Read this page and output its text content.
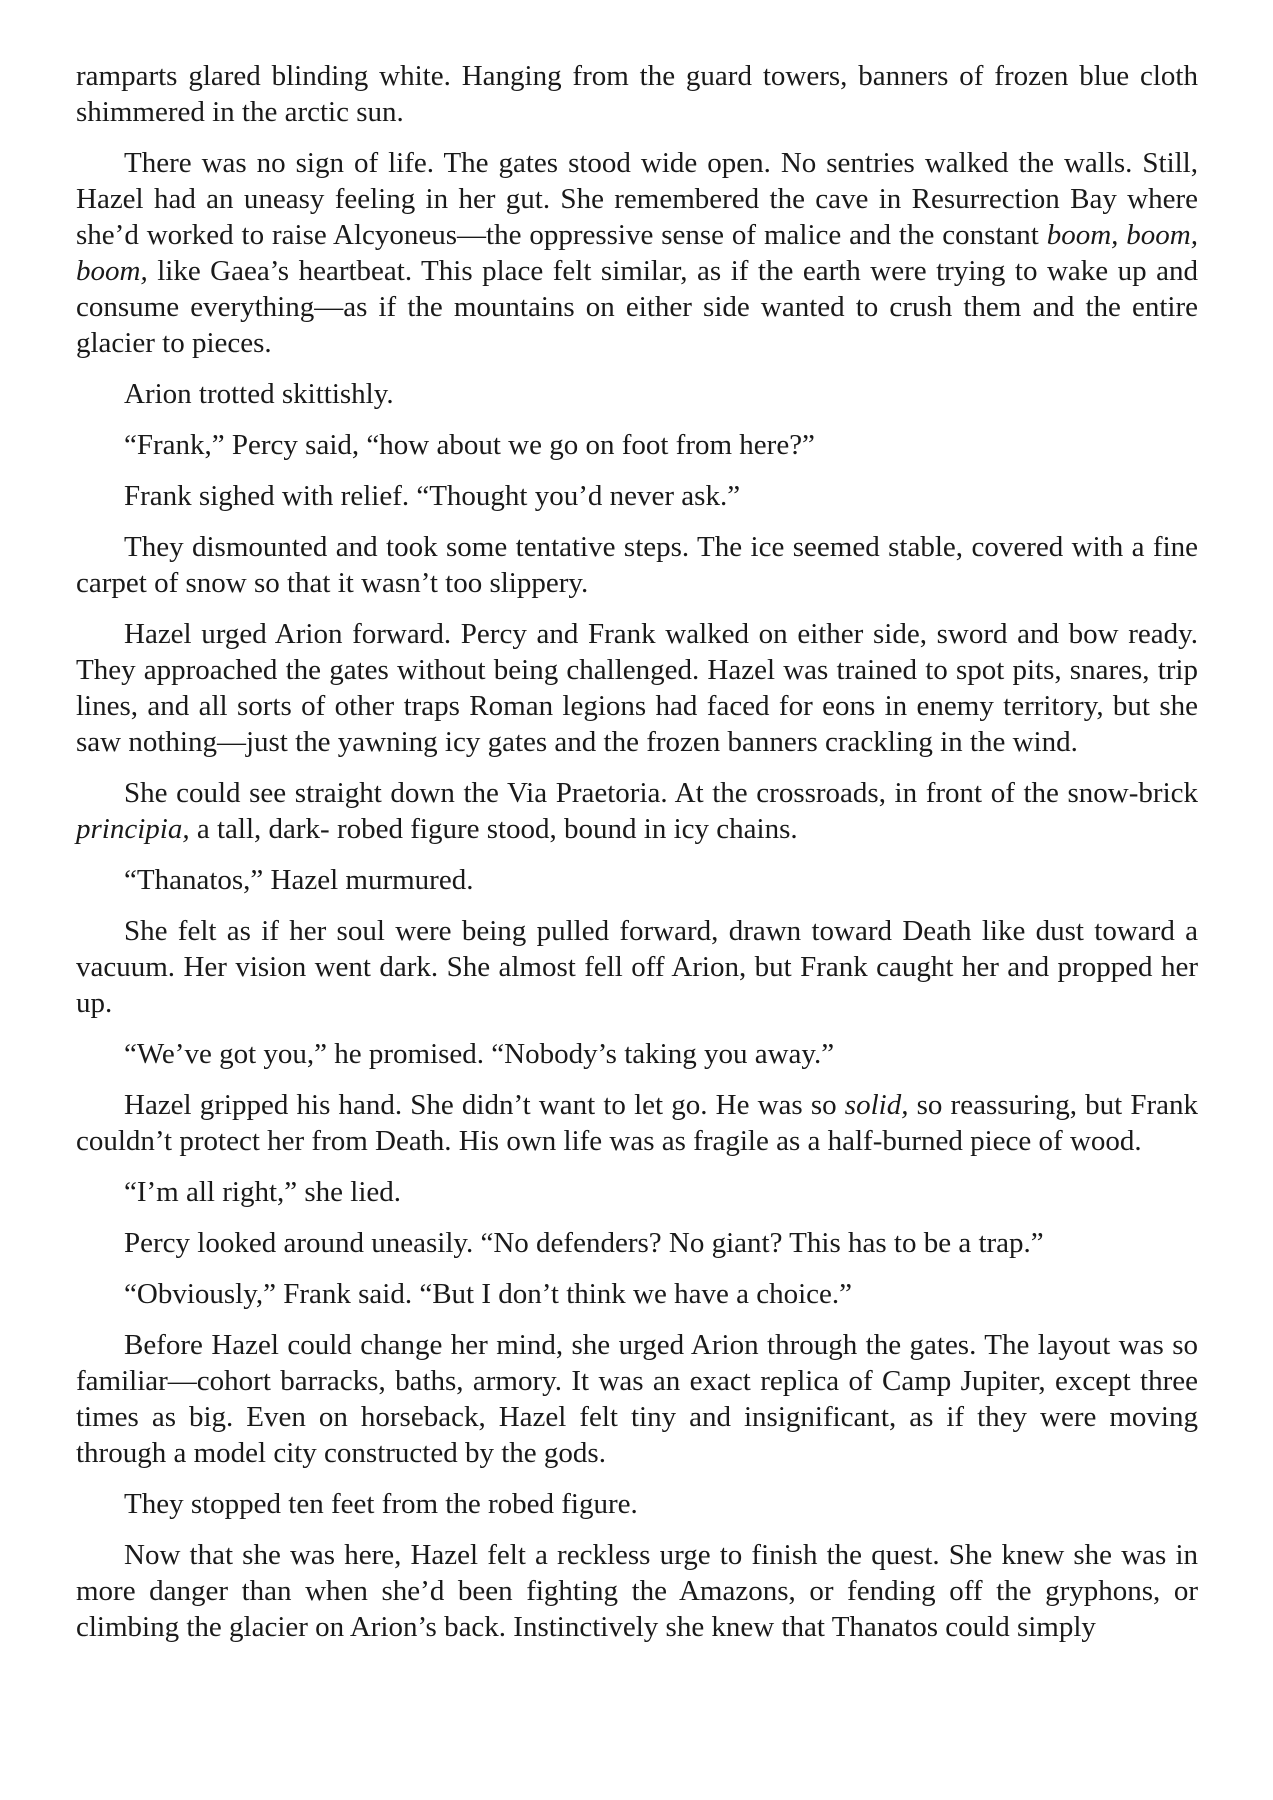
ramparts glared blinding white. Hanging from the guard towers, banners of frozen blue cloth shimmered in the arctic sun.

There was no sign of life. The gates stood wide open. No sentries walked the walls. Still, Hazel had an uneasy feeling in her gut. She remembered the cave in Resurrection Bay where she’d worked to raise Alcyoneus—the oppressive sense of malice and the constant boom, boom, boom, like Gaea’s heartbeat. This place felt similar, as if the earth were trying to wake up and consume everything—as if the mountains on either side wanted to crush them and the entire glacier to pieces.

Arion trotted skittishly.

“Frank,” Percy said, “how about we go on foot from here?”

Frank sighed with relief. “Thought you’d never ask.”

They dismounted and took some tentative steps. The ice seemed stable, covered with a fine carpet of snow so that it wasn’t too slippery.

Hazel urged Arion forward. Percy and Frank walked on either side, sword and bow ready. They approached the gates without being challenged. Hazel was trained to spot pits, snares, trip lines, and all sorts of other traps Roman legions had faced for eons in enemy territory, but she saw nothing—just the yawning icy gates and the frozen banners crackling in the wind.

She could see straight down the Via Praetoria. At the crossroads, in front of the snow-brick principia, a tall, dark- robed figure stood, bound in icy chains.

“Thanatos,” Hazel murmured.

She felt as if her soul were being pulled forward, drawn toward Death like dust toward a vacuum. Her vision went dark. She almost fell off Arion, but Frank caught her and propped her up.

“We’ve got you,” he promised. “Nobody’s taking you away.”

Hazel gripped his hand. She didn’t want to let go. He was so solid, so reassuring, but Frank couldn’t protect her from Death. His own life was as fragile as a half-burned piece of wood.

“I’m all right,” she lied.

Percy looked around uneasily. “No defenders? No giant? This has to be a trap.”

“Obviously,” Frank said. “But I don’t think we have a choice.”

Before Hazel could change her mind, she urged Arion through the gates. The layout was so familiar—cohort barracks, baths, armory. It was an exact replica of Camp Jupiter, except three times as big. Even on horseback, Hazel felt tiny and insignificant, as if they were moving through a model city constructed by the gods.

They stopped ten feet from the robed figure.

Now that she was here, Hazel felt a reckless urge to finish the quest. She knew she was in more danger than when she’d been fighting the Amazons, or fending off the gryphons, or climbing the glacier on Arion’s back. Instinctively she knew that Thanatos could simply
